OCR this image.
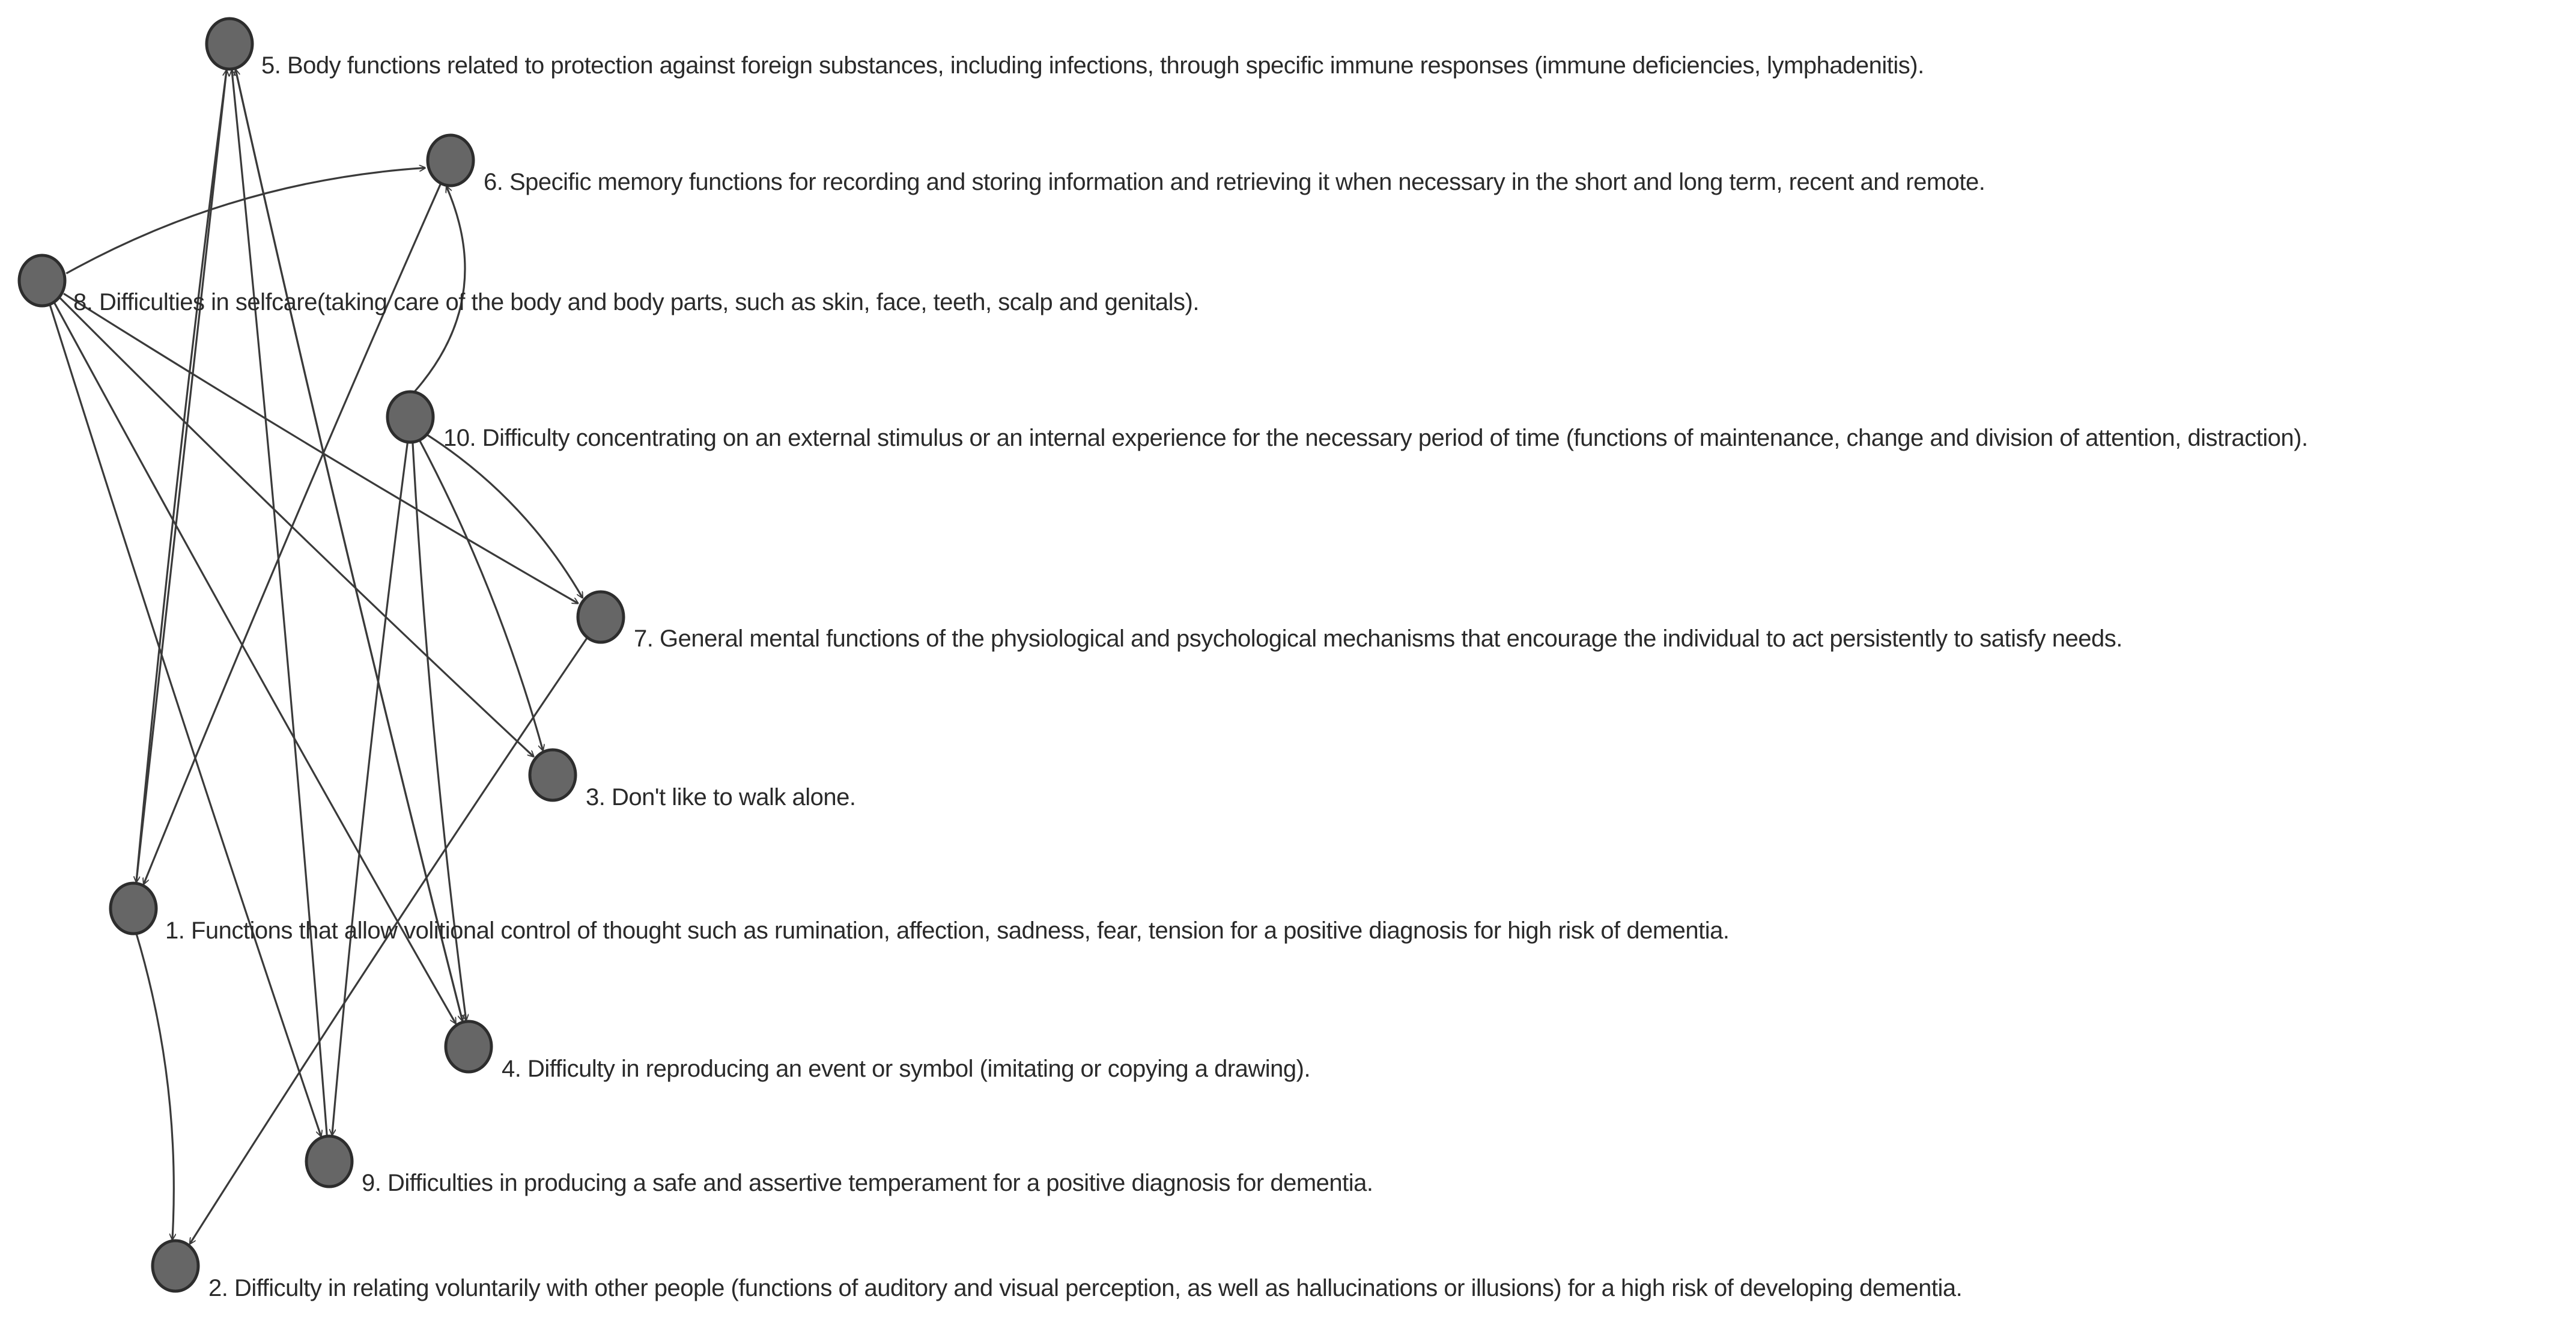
5. Body functions related to protection against foreign substances, including infections, through specific immune responses (immune deficiencies, lymphadenitis).
6. Specific memory functions for recording and storing information and retrieving it when necessary in the short and long term, recent and remote.
8. Difficulties in selfcare(taking care of the body and body parts, such as skin, face, teeth, scalp and genitals).
10. Difficulty concentrating on an external stimulus or an internal experience for the necessary period of time (functions of maintenance, change and division of attention, distraction).
7. General mental functions of the physiological and psychological mechanisms that encourage the individual to act persistently to satisfy needs.
3. Don't like to walk alone.
1. Functions that allow volitional control of thought such as rumination, affection, sadness, fear, tension for a positive diagnosis for high risk of dementia.
4. Difficulty in reproducing an event or symbol (imitating or copying a drawing).
9. Difficulties in producing a safe and assertive temperament for a positive diagnosis for dementia.
2. Difficulty in relating voluntarily with other people (functions of auditory and visual perception, as well as hallucinations or illusions) for a high risk of developing dementia.
